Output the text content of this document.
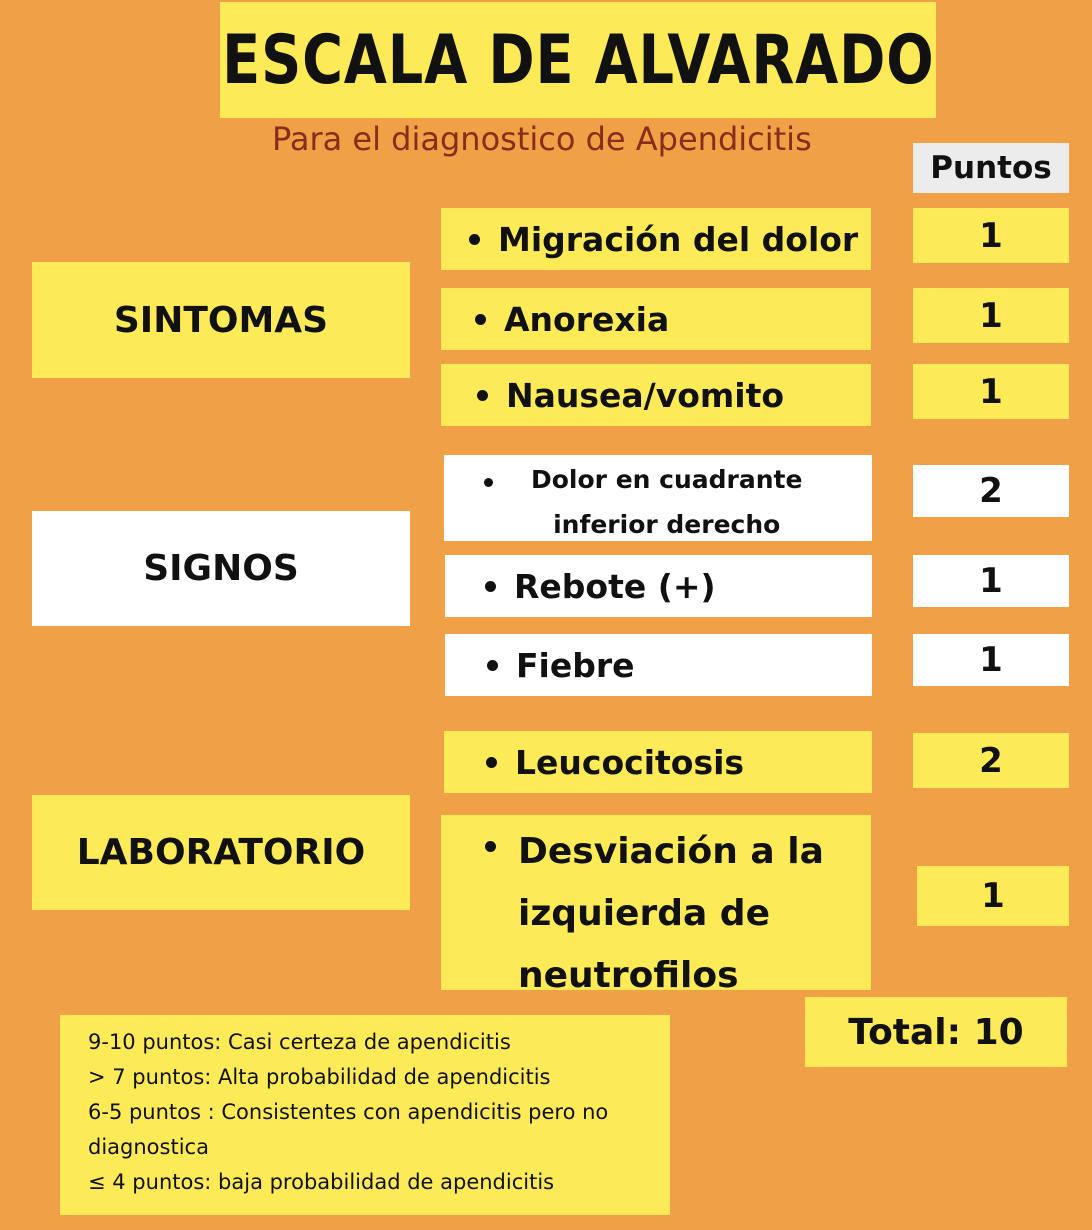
ESCALA DE ALVARADO
Para el diagnostico de Apendicitis
Puntos
SINTOMAS
Migración del dolor	1
Anorexia	1
Nausea/vomito	1
SIGNOS
Dolor en cuadrante
inferior derecho
2
Rebote (+)	1
Fiebre	1
LABORATORIO
Leucocitosis	2
Desviación a la
izquierda de
neutrofilos
1
Total: 10
9-10 puntos: Casi certeza de apendicitis
> 7 puntos: Alta probabilidad de apendicitis
6-5 puntos : Consistentes con apendicitis pero no
diagnostica
≤ 4 puntos: baja probabilidad de apendicitis
